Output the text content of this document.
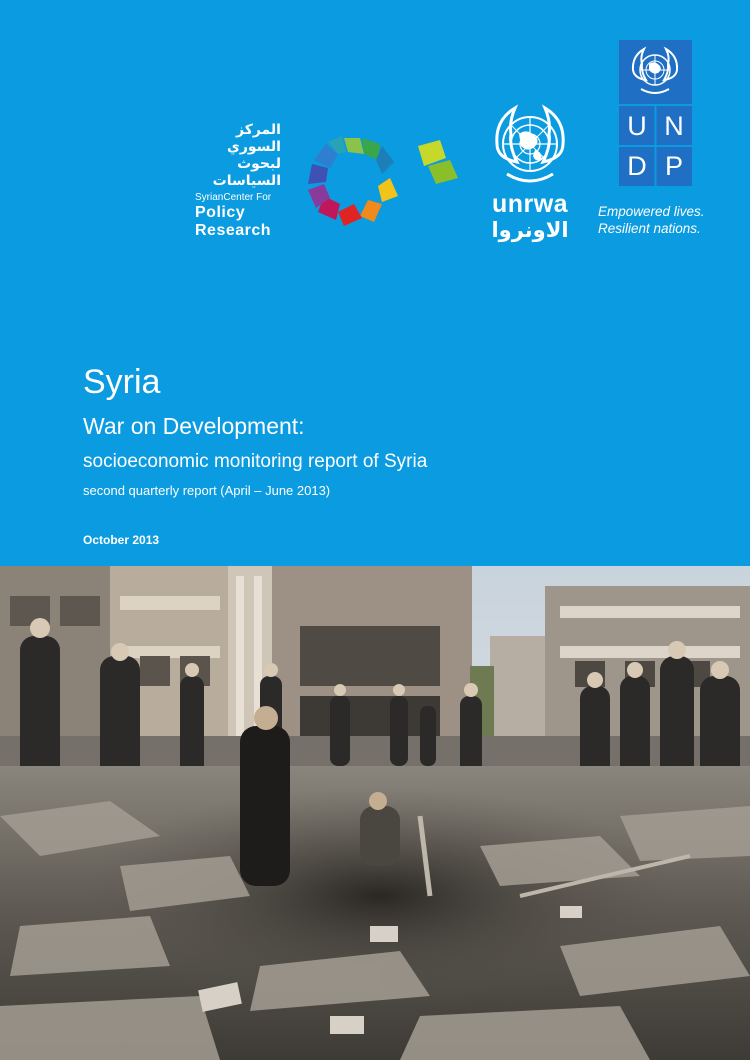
المركز السوري
لبحوث
السياسات
SyrianCenter For
Policy
Research
unrwa
الاونروا
U N
D P
Empowered lives.
Resilient nations.
Syria
War on Development:
socioeconomic monitoring report of Syria
second quarterly report (April – June 2013)
October 2013
